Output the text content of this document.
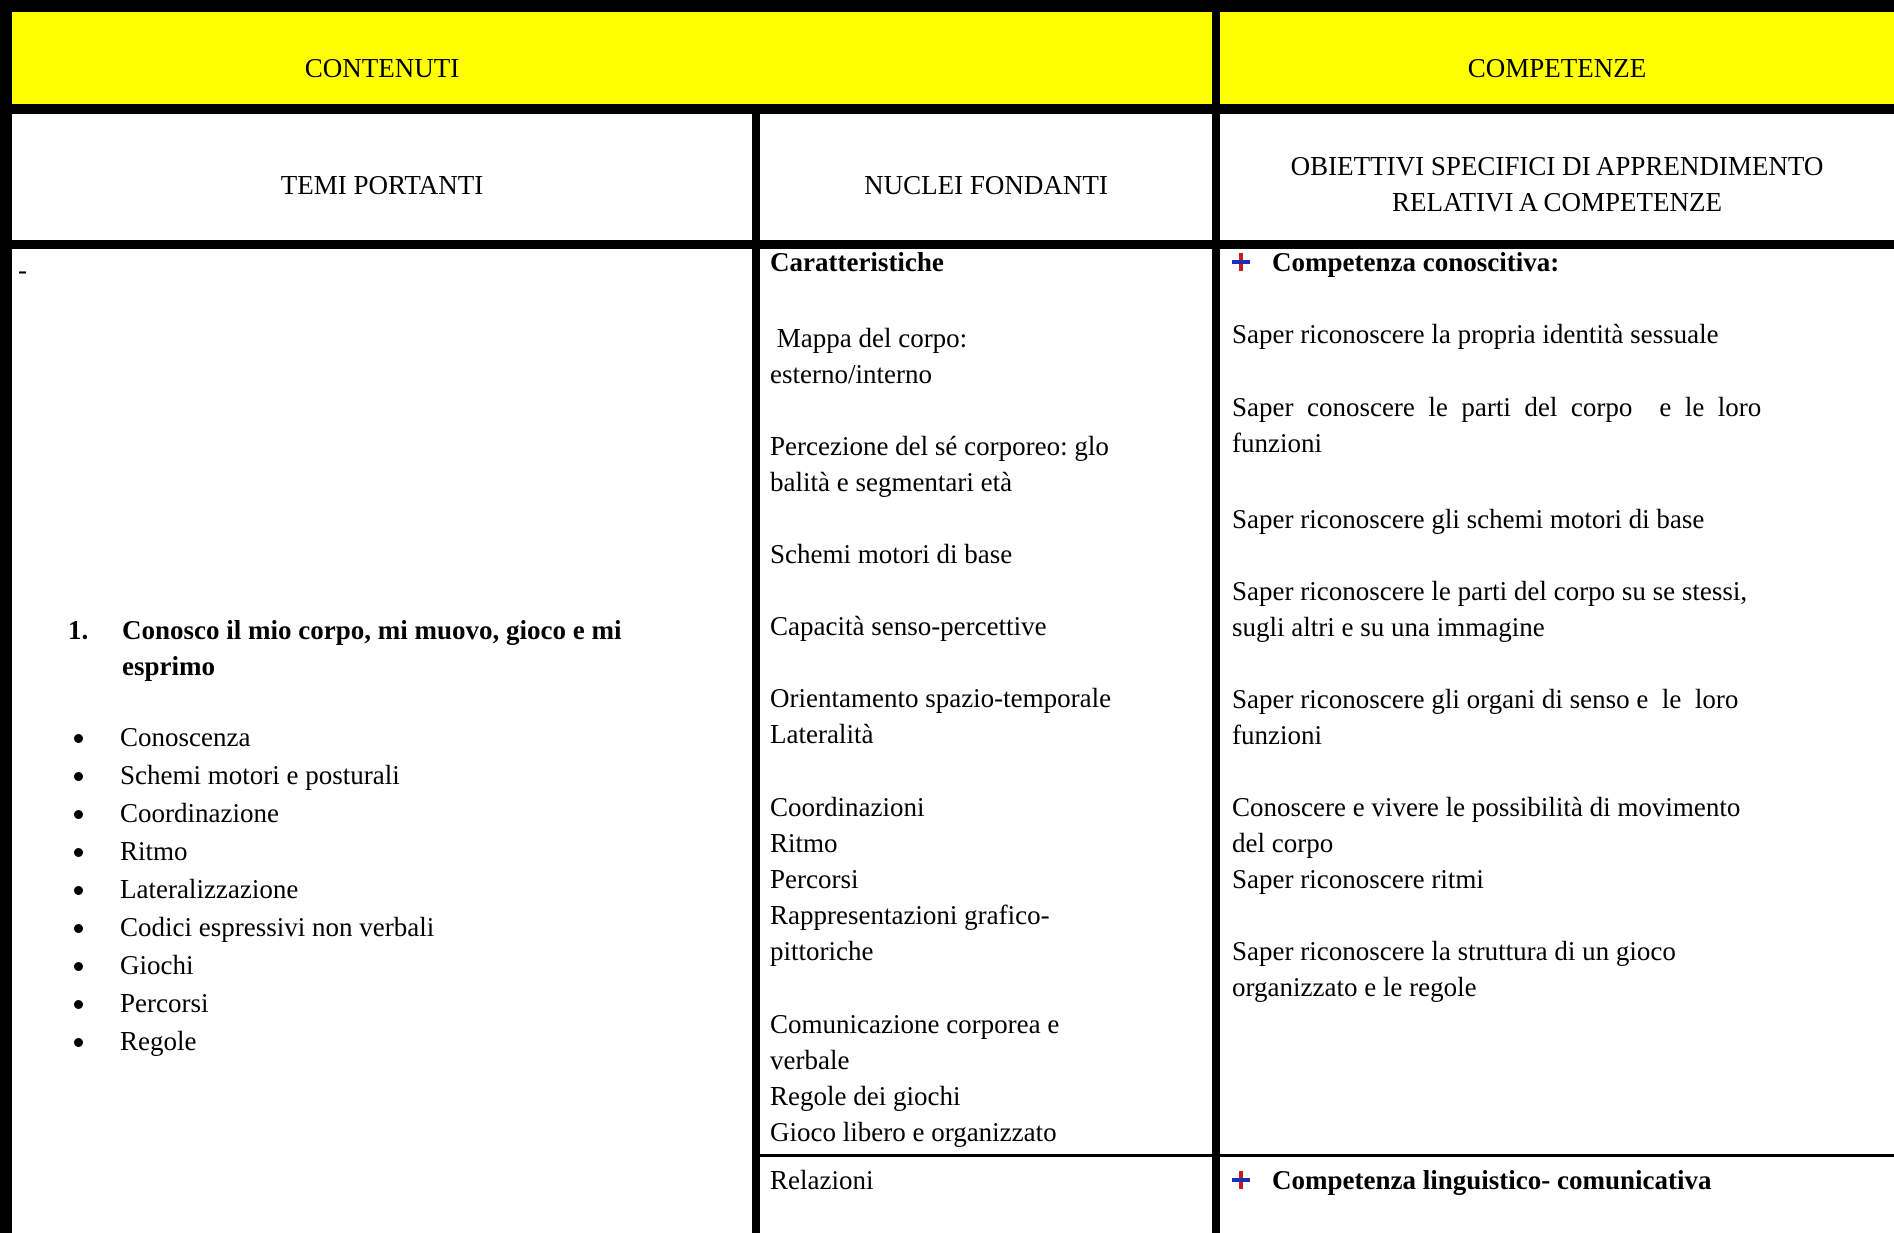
CONTENUTI	COMPETENZE
TEMI PORTANTI	NUCLEI FONDANTI
OBIETTIVI SPECIFICI DI APPRENDIMENTO
RELATIVI A COMPETENZE
-
1. Conosco il mio corpo, mi muovo, gioco e mi
esprimo
Conoscenza
Schemi motori e posturali
Coordinazione
Ritmo
Lateralizzazione
Codici espressivi non verbali
Giochi
Percorsi
Regole
Caratteristiche
Mappa del corpo:
esterno/interno
Percezione del sé corporeo: glo
balità e segmentari età
Schemi motori di base
Capacità senso-percettive
Orientamento spazio-temporale
Lateralità
Coordinazioni
Ritmo
Percorsi
Rappresentazioni grafico-
pittoriche
Comunicazione corporea e
verbale
Regole dei giochi
Gioco libero e organizzato
Relazioni
Competenza conoscitiva:
Saper riconoscere la propria identità sessuale
Saper  conoscere  le  parti  del  corpo    e  le  loro
funzioni
Saper riconoscere gli schemi motori di base
Saper riconoscere le parti del corpo su se stessi,
sugli altri e su una immagine
Saper riconoscere gli organi di senso e  le  loro
funzioni
Conoscere e vivere le possibilità di movimento
del corpo
Saper riconoscere ritmi
Saper riconoscere la struttura di un gioco
organizzato e le regole
Competenza linguistico- comunicativa
